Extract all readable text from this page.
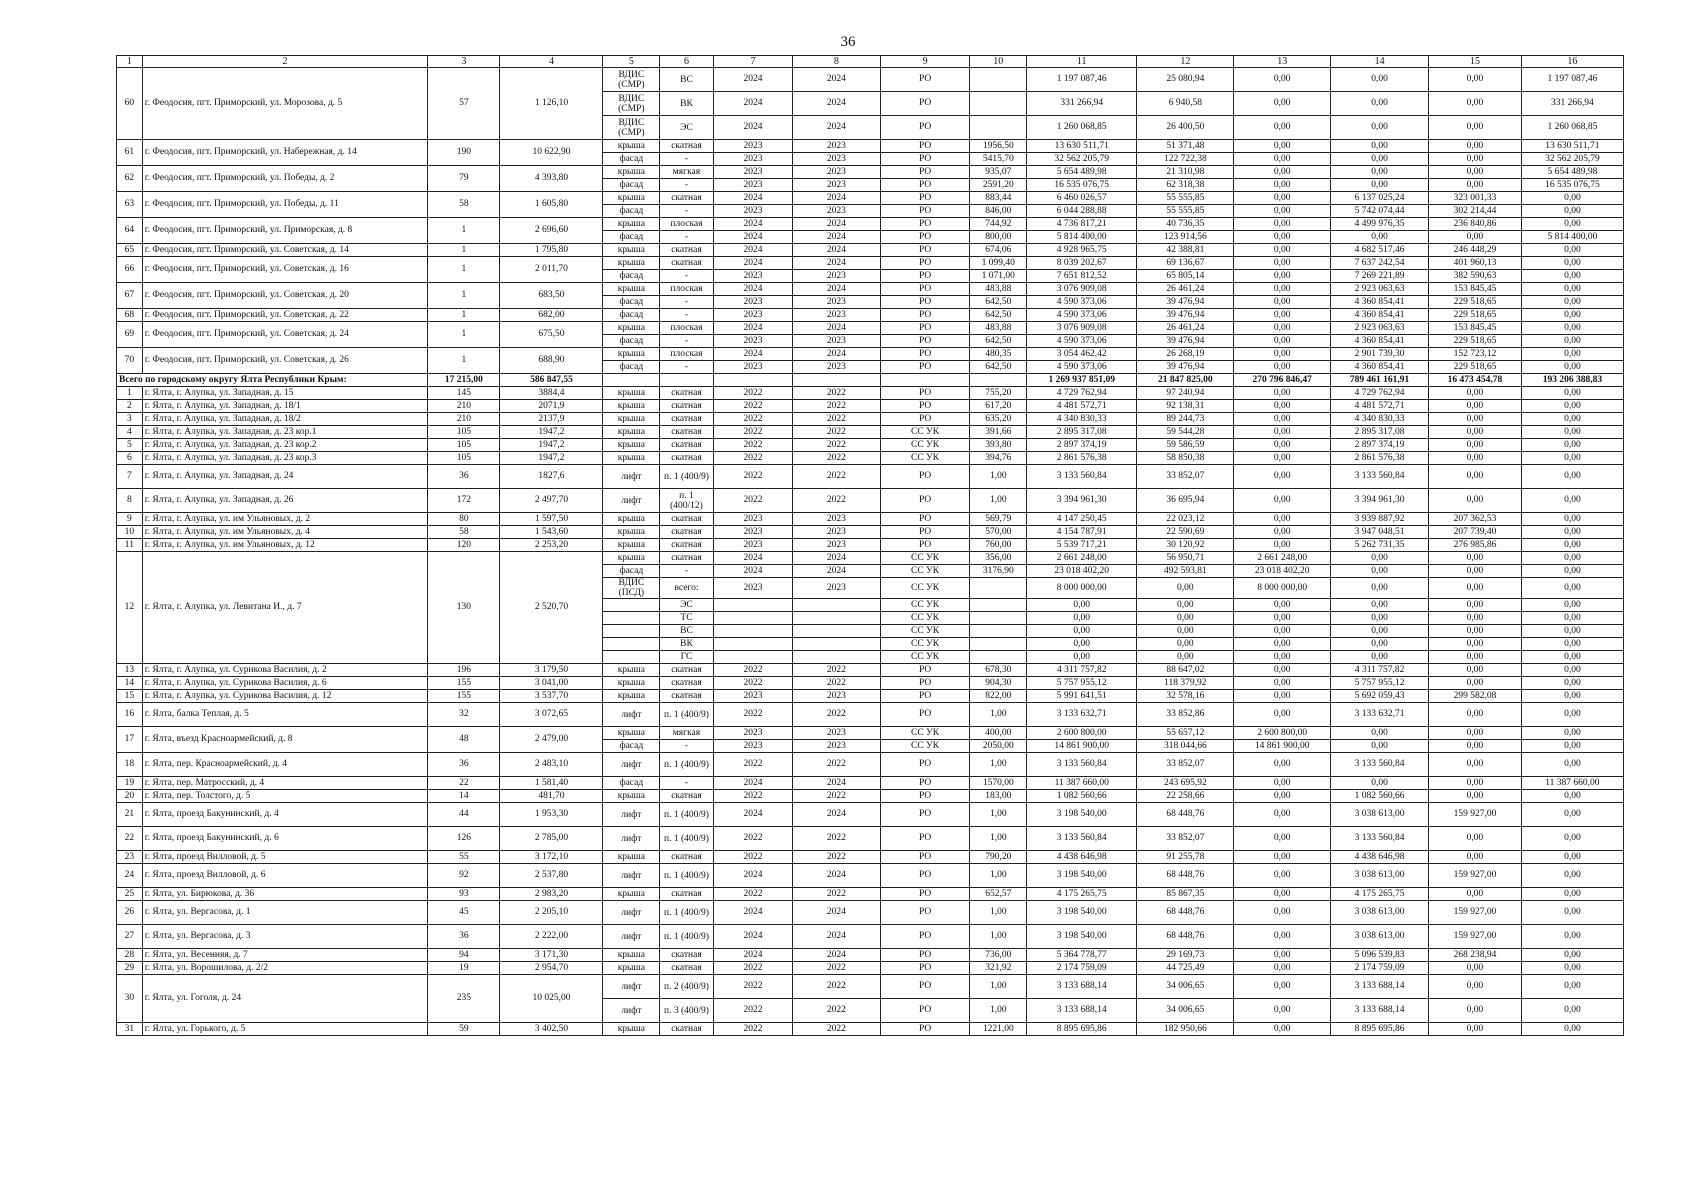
36
1	2	3	4	5	6	7	8	9	10	11	12	13	14	15	16
60	г. Феодосия, пгт. Приморский, ул. Морозова, д. 5	57	1 126,10	ВДИС (СМР)	ВС	2024	2024	РО		1 197 087,46	25 080,94	0,00	0,00	0,00	1 197 087,46
				ВДИС (СМР)	ВК	2024	2024	РО		331 266,94	6 940,58	0,00	0,00	0,00	331 266,94
				ВДИС (СМР)	ЭС	2024	2024	РО		1 260 068,85	26 400,50	0,00	0,00	0,00	1 260 068,85
61	г. Феодосия, пгт. Приморский, ул. Набережная, д. 14	190	10 622,90	крыша	скатная	2023	2023	РО	1956,50	13 630 511,71	51 371,48	0,00	0,00	0,00	13 630 511,71
				фасад	-	2023	2023	РО	5415,70	32 562 205,79	122 722,38	0,00	0,00	0,00	32 562 205,79
62	г. Феодосия, пгт. Приморский, ул. Победы, д. 2	79	4 393,80	крыша	мягкая	2023	2023	РО	935,07	5 654 489,98	21 310,98	0,00	0,00	0,00	5 654 489,98
				фасад	-	2023	2023	РО	2591,20	16 535 076,75	62 318,38	0,00	0,00	0,00	16 535 076,75
63	г. Феодосия, пгт. Приморский, ул. Победы, д. 11	58	1 605,80	крыша	скатная	2024	2024	РО	883,44	6 460 026,57	55 555,85	0,00	6 137 025,24	323 001,33	0,00
				фасад	-	2023	2023	РО	846,00	6 044 288,88	55 555,85	0,00	5 742 074,44	302 214,44	0,00
64	г. Феодосия, пгт. Приморский, ул. Приморская, д. 8	1	2 696,60	крыша	плоская	2024	2024	РО	744,92	4 736 817,21	40 736,35	0,00	4 499 976,35	236 840,86	0,00
				фасад	-	2024	2024	РО	800,00	5 814 400,00	123 914,56	0,00	0,00	0,00	5 814 400,00
65	г. Феодосия, пгт. Приморский, ул. Советская, д. 14	1	1 795,80	крыша	скатная	2024	2024	РО	674,06	4 928 965,75	42 388,81	0,00	4 682 517,46	246 448,29	0,00
66	г. Феодосия, пгт. Приморский, ул. Советская, д. 16	1	2 011,70	крыша	скатная	2024	2024	РО	1 099,40	8 039 202,67	69 136,67	0,00	7 637 242,54	401 960,13	0,00
				фасад	-	2023	2023	РО	1 071,00	7 651 812,52	65 805,14	0,00	7 269 221,89	382 590,63	0,00
67	г. Феодосия, пгт. Приморский, ул. Советская, д. 20	1	683,50	крыша	плоская	2024	2024	РО	483,88	3 076 909,08	26 461,24	0,00	2 923 063,63	153 845,45	0,00
				фасад	-	2023	2023	РО	642,50	4 590 373,06	39 476,94	0,00	4 360 854,41	229 518,65	0,00
68	г. Феодосия, пгт. Приморский, ул. Советская, д. 22	1	682,00	фасад	-	2023	2023	РО	642,50	4 590 373,06	39 476,94	0,00	4 360 854,41	229 518,65	0,00
69	г. Феодосия, пгт. Приморский, ул. Советская, д. 24	1	675,50	крыша	плоская	2024	2024	РО	483,88	3 076 909,08	26 461,24	0,00	2 923 063,63	153 845,45	0,00
				фасад	-	2023	2023	РО	642,50	4 590 373,06	39 476,94	0,00	4 360 854,41	229 518,65	0,00
70	г. Феодосия, пгт. Приморский, ул. Советская, д. 26	1	688,90	крыша	плоская	2024	2024	РО	480,35	3 054 462,42	26 268,19	0,00	2 901 739,30	152 723,12	0,00
				фасад	-	2023	2023	РО	642,50	4 590 373,06	39 476,94	0,00	4 360 854,41	229 518,65	0,00
Всего по городскому округу Ялта Республики Крым:		17 215,00	586 847,55							1 269 937 851,09	21 847 825,00	270 796 846,47	789 461 161,91	16 473 454,78	193 206 388,83
1	г. Ялта, г. Алупка, ул. Западная, д. 15	145	3884,4	крыша	скатная	2022	2022	РО	755,20	4 729 762,94	97 240,94	0,00	4 729 762,94	0,00	0,00
2	г. Ялта, г. Алупка, ул. Западная, д. 18/1	210	2071,9	крыша	скатная	2022	2022	РО	617,20	4 481 572,71	92 138,31	0,00	4 481 572,71	0,00	0,00
3	г. Ялта, г. Алупка, ул. Западная, д. 18/2	210	2137,9	крыша	скатная	2022	2022	РО	635,20	4 340 830,33	89 244,73	0,00	4 340 830,33	0,00	0,00
4	г. Ялта, г. Алупка, ул. Западная, д. 23 кор.1	105	1947,2	крыша	скатная	2022	2022	СС УК	391,66	2 895 317,08	59 544,28	0,00	2 895 317,08	0,00	0,00
5	г. Ялта, г. Алупка, ул. Западная, д. 23 кор.2	105	1947,2	крыша	скатная	2022	2022	СС УК	393,80	2 897 374,19	59 586,59	0,00	2 897 374,19	0,00	0,00
6	г. Ялта, г. Алупка, ул. Западная, д. 23 кор.3	105	1947,2	крыша	скатная	2022	2022	СС УК	394,76	2 861 576,38	58 850,38	0,00	2 861 576,38	0,00	0,00
7	г. Ялта, г. Алупка, ул. Западная, д. 24	36	1827,6	лифт	п. 1 (400/9)	2022	2022	РО	1,00	3 133 560,84	33 852,07	0,00	3 133 560,84	0,00	0,00
8	г. Ялта, г. Алупка, ул. Западная, д. 26	172	2 497,70	лифт	п. 1 (400/12)	2022	2022	РО	1,00	3 394 961,30	36 695,94	0,00	3 394 961,30	0,00	0,00
9	г. Ялта, г. Алупка, ул. им Ульяновых, д. 2	80	1 597,50	крыша	скатная	2023	2023	РО	569,79	4 147 250,45	22 023,12	0,00	3 939 887,92	207 362,53	0,00
10	г. Ялта, г. Алупка, ул. им Ульяновых, д. 4	58	1 543,60	крыша	скатная	2023	2023	РО	570,00	4 154 787,91	22 590,69	0,00	3 947 048,51	207 739,40	0,00
11	г. Ялта, г. Алупка, ул. им Ульяновых, д. 12	120	2 253,20	крыша	скатная	2023	2023	РО	760,00	5 539 717,21	30 120,92	0,00	5 262 731,35	276 985,86	0,00
12	г. Ялта, г. Алупка, ул. Левитана И., д. 7	130	2 520,70	крыша	скатная	2024	2024	СС УК	356,00	2 661 248,00	56 950,71	2 661 248,00	0,00	0,00	0,00
				фасад	-	2024	2024	СС УК	3176,90	23 018 402,20	492 593,81	23 018 402,20	0,00	0,00	0,00
				ВДИС (ПСД)	всего:	2023	2023	СС УК		8 000 000,00	0,00	8 000 000,00	0,00	0,00	0,00
					ЭС			СС УК		0,00	0,00	0,00	0,00	0,00	0,00
					ТС			СС УК		0,00	0,00	0,00	0,00	0,00	0,00
					ВС			СС УК		0,00	0,00	0,00	0,00	0,00	0,00
					ВК			СС УК		0,00	0,00	0,00	0,00	0,00	0,00
					ГС			СС УК		0,00	0,00	0,00	0,00	0,00	0,00
13	г. Ялта, г. Алупка, ул. Сурикова Василия, д. 2	196	3 179,50	крыша	скатная	2022	2022	РО	678,30	4 311 757,82	88 647,02	0,00	4 311 757,82	0,00	0,00
14	г. Ялта, г. Алупка, ул. Сурикова Василия, д. 6	155	3 041,00	крыша	скатная	2022	2022	РО	904,30	5 757 955,12	118 379,92	0,00	5 757 955,12	0,00	0,00
15	г. Ялта, г. Алупка, ул. Сурикова Василия, д. 12	155	3 537,70	крыша	скатная	2023	2023	РО	822,00	5 991 641,51	32 578,16	0,00	5 692 059,43	299 582,08	0,00
16	г. Ялта, балка Теплая, д. 5	32	3 072,65	лифт	п. 1 (400/9)	2022	2022	РО	1,00	3 133 632,71	33 852,86	0,00	3 133 632,71	0,00	0,00
17	г. Ялта, въезд Красноармейский, д. 8	48	2 479,00	крыша	мягкая	2023	2023	СС УК	400,00	2 600 800,00	55 657,12	2 600 800,00	0,00	0,00	0,00
				фасад	-	2023	2023	СС УК	2050,00	14 861 900,00	318 044,66	14 861 900,00	0,00	0,00	0,00
18	г. Ялта, пер. Красноармейский, д. 4	36	2 483,10	лифт	п. 1 (400/9)	2022	2022	РО	1,00	3 133 560,84	33 852,07	0,00	3 133 560,84	0,00	0,00
19	г. Ялта, пер. Матросский, д. 4	22	1 581,40	фасад	-	2024	2024	РО	1570,00	11 387 660,00	243 695,92	0,00	0,00	0,00	11 387 660,00
20	г. Ялта, пер. Толстого, д. 5	14	481,70	крыша	скатная	2022	2022	РО	183,00	1 082 560,66	22 258,66	0,00	1 082 560,66	0,00	0,00
21	г. Ялта, проезд Бакунинский, д. 4	44	1 953,30	лифт	п. 1 (400/9)	2024	2024	РО	1,00	3 198 540,00	68 448,76	0,00	3 038 613,00	159 927,00	0,00
22	г. Ялта, проезд Бакунинский, д. 6	126	2 785,00	лифт	п. 1 (400/9)	2022	2022	РО	1,00	3 133 560,84	33 852,07	0,00	3 133 560,84	0,00	0,00
23	г. Ялта, проезд Вилловой, д. 5	55	3 172,10	крыша	скатная	2022	2022	РО	790,20	4 438 646,98	91 255,78	0,00	4 438 646,98	0,00	0,00
24	г. Ялта, проезд Вилловой, д. 6	92	2 537,80	лифт	п. 1 (400/9)	2024	2024	РО	1,00	3 198 540,00	68 448,76	0,00	3 038 613,00	159 927,00	0,00
25	г. Ялта, ул. Бирюкова, д. 36	93	2 983,20	крыша	скатная	2022	2022	РО	652,57	4 175 265,75	85 867,35	0,00	4 175 265,75	0,00	0,00
26	г. Ялта, ул. Вергасова, д. 1	45	2 205,10	лифт	п. 1 (400/9)	2024	2024	РО	1,00	3 198 540,00	68 448,76	0,00	3 038 613,00	159 927,00	0,00
27	г. Ялта, ул. Вергасова, д. 3	36	2 222,00	лифт	п. 1 (400/9)	2024	2024	РО	1,00	3 198 540,00	68 448,76	0,00	3 038 613,00	159 927,00	0,00
28	г. Ялта, ул. Весенняя, д. 7	94	3 171,30	крыша	скатная	2024	2024	РО	736,00	5 364 778,77	29 169,73	0,00	5 096 539,83	268 238,94	0,00
29	г. Ялта, ул. Ворошилова, д. 2/2	19	2 954,70	крыша	скатная	2022	2022	РО	321,92	2 174 759,09	44 725,49	0,00	2 174 759,09	0,00	0,00
30	г. Ялта, ул. Гоголя, д. 24	235	10 025,00	лифт	п. 2 (400/9)	2022	2022	РО	1,00	3 133 688,14	34 006,65	0,00	3 133 688,14	0,00	0,00
				лифт	п. 3 (400/9)	2022	2022	РО	1,00	3 133 688,14	34 006,65	0,00	3 133 688,14	0,00	0,00
31	г. Ялта, ул. Горького, д. 5	59	3 402,50	крыша	скатная	2022	2022	РО	1221,00	8 895 695,86	182 950,66	0,00	8 895 695,86	0,00	0,00
